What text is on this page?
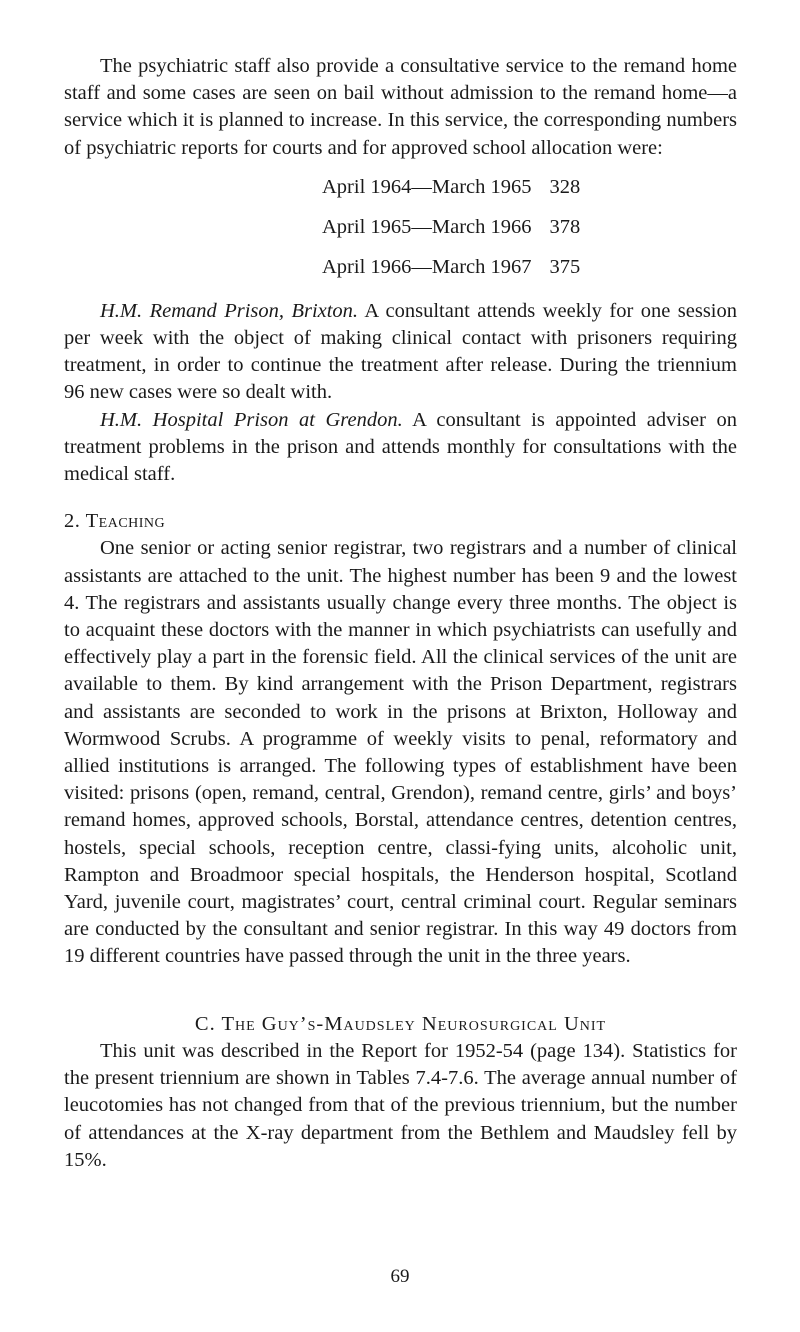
The psychiatric staff also provide a consultative service to the remand home staff and some cases are seen on bail without admission to the remand home—a service which it is planned to increase. In this service, the corresponding numbers of psychiatric reports for courts and for approved school allocation were:

April 1964—March 1965	328
April 1965—March 1966	378
April 1966—March 1967	375

H.M. Remand Prison, Brixton. A consultant attends weekly for one session per week with the object of making clinical contact with prisoners requiring treatment, in order to continue the treatment after release. During the triennium 96 new cases were so dealt with.

H.M. Hospital Prison at Grendon. A consultant is appointed adviser on treatment problems in the prison and attends monthly for consultations with the medical staff.

2. Teaching

One senior or acting senior registrar, two registrars and a number of clinical assistants are attached to the unit. The highest number has been 9 and the lowest 4. The registrars and assistants usually change every three months. The object is to acquaint these doctors with the manner in which psychiatrists can usefully and effectively play a part in the forensic field. All the clinical services of the unit are available to them. By kind arrangement with the Prison Department, registrars and assistants are seconded to work in the prisons at Brixton, Holloway and Wormwood Scrubs. A programme of weekly visits to penal, reformatory and allied institutions is arranged. The following types of establishment have been visited: prisons (open, remand, central, Grendon), remand centre, girls’ and boys’ remand homes, approved schools, Borstal, attendance centres, detention centres, hostels, special schools, reception centre, classi-fying units, alcoholic unit, Rampton and Broadmoor special hospitals, the Henderson hospital, Scotland Yard, juvenile court, magistrates’ court, central criminal court. Regular seminars are conducted by the consultant and senior registrar. In this way 49 doctors from 19 different countries have passed through the unit in the three years.

C. The Guy’s-Maudsley Neurosurgical Unit

This unit was described in the Report for 1952-54 (page 134). Statistics for the present triennium are shown in Tables 7.4-7.6. The average annual number of leucotomies has not changed from that of the previous triennium, but the number of attendances at the X-ray department from the Bethlem and Maudsley fell by 15%.

69
